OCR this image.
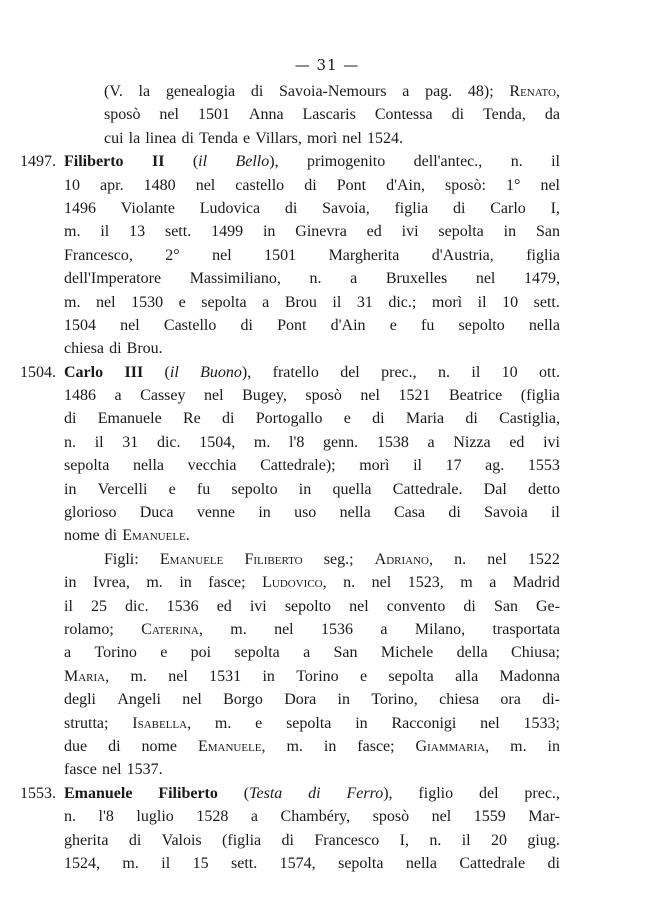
— 31 —
(V. la genealogia di Savoia-Nemours a pag. 48); Renato,
sposò nel 1501 Anna Lascaris Contessa di Tenda, da
cui la linea di Tenda e Villars, morì nel 1524.
1497. Filiberto II (il Bello), primogenito dell'antec., n. il
10 apr. 1480 nel castello di Pont d'Ain, sposò: 1° nel
1496 Violante Ludovica di Savoia, figlia di Carlo I,
m. il 13 sett. 1499 in Ginevra ed ivi sepolta in San
Francesco, 2° nel 1501 Margherita d'Austria, figlia
dell'Imperatore Massimiliano, n. a Bruxelles nel 1479,
m. nel 1530 e sepolta a Brou il 31 dic.; morì il 10 sett.
1504 nel Castello di Pont d'Ain e fu sepolto nella
chiesa di Brou.
1504. Carlo III (il Buono), fratello del prec., n. il 10 ott.
1486 a Cassey nel Bugey, sposò nel 1521 Beatrice (figlia
di Emanuele Re di Portogallo e di Maria di Castiglia,
n. il 31 dic. 1504, m. l'8 genn. 1538 a Nizza ed ivi
sepolta nella vecchia Cattedrale); morì il 17 ag. 1553
in Vercelli e fu sepolto in quella Cattedrale. Dal detto
glorioso Duca venne in uso nella Casa di Savoia il
nome di Emanuele.
Figli: Emanuele Filiberto seg.; Adriano, n. nel 1522
in Ivrea, m. in fasce; Ludovico, n. nel 1523, m a Madrid
il 25 dic. 1536 ed ivi sepolto nel convento di San Ge-
rolamo; Caterina, m. nel 1536 a Milano, trasportata
a Torino e poi sepolta a San Michele della Chiusa;
Maria, m. nel 1531 in Torino e sepolta alla Madonna
degli Angeli nel Borgo Dora in Torino, chiesa ora di-
strutta; Isabella, m. e sepolta in Racconigi nel 1533;
due di nome Emanuele, m. in fasce; Giammaria, m. in
fasce nel 1537.
1553. Emanuele Filiberto (Testa di Ferro), figlio del prec.,
n. l'8 luglio 1528 a Chambéry, sposò nel 1559 Mar-
gherita di Valois (figlia di Francesco I, n. il 20 giug.
1524, m. il 15 sett. 1574, sepolta nella Cattedrale di
